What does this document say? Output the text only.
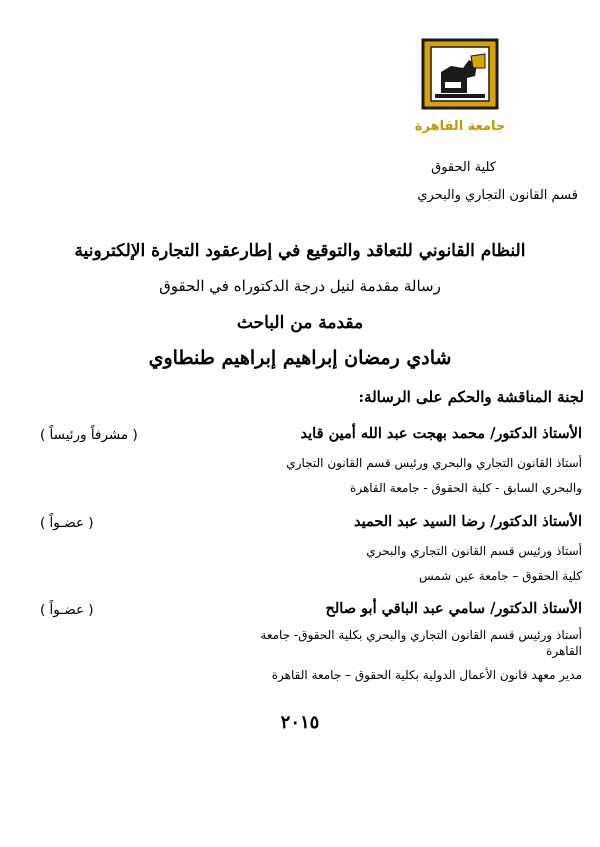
جامعة القاهرة
كلية الحقوق
قسم القانون التجاري والبحري
النظام القانوني للتعاقد والتوقيع في إطارعقود التجارة الإلكترونية
رسالة مقدمة لنيل درجة الدكتوراه في الحقوق
مقدمة من الباحث
شادي رمضان إبراهيم إبراهيم طنطاوي
لجنة المناقشة والحكم على الرسالة:
الأستاذ الدكتور/ محمد بهجت عبد الله أمين قايد
( مشرفاً ورئيساً )
أستاذ القانون التجاري والبحري ورئيس قسم القانون التجاري
والبحري السابق - كلية الحقوق - جامعة القاهرة
الأستاذ الدكتور/ رضا السيد عبد الحميد
( عضـواً )
أستاذ ورئيس قسم القانون التجاري والبحري
كلية الحقوق – جامعة عين شمس
الأستاذ الدكتور/ سامي عبد الباقي أبو صالح
( عضـواً )
أستاذ ورئيس قسم القانون التجاري والبحري بكلية الحقوق- جامعة
القاهرة
مدير معهد قانون الأعمال الدولية بكلية الحقوق – جامعة القاهرة
٢٠١٥
